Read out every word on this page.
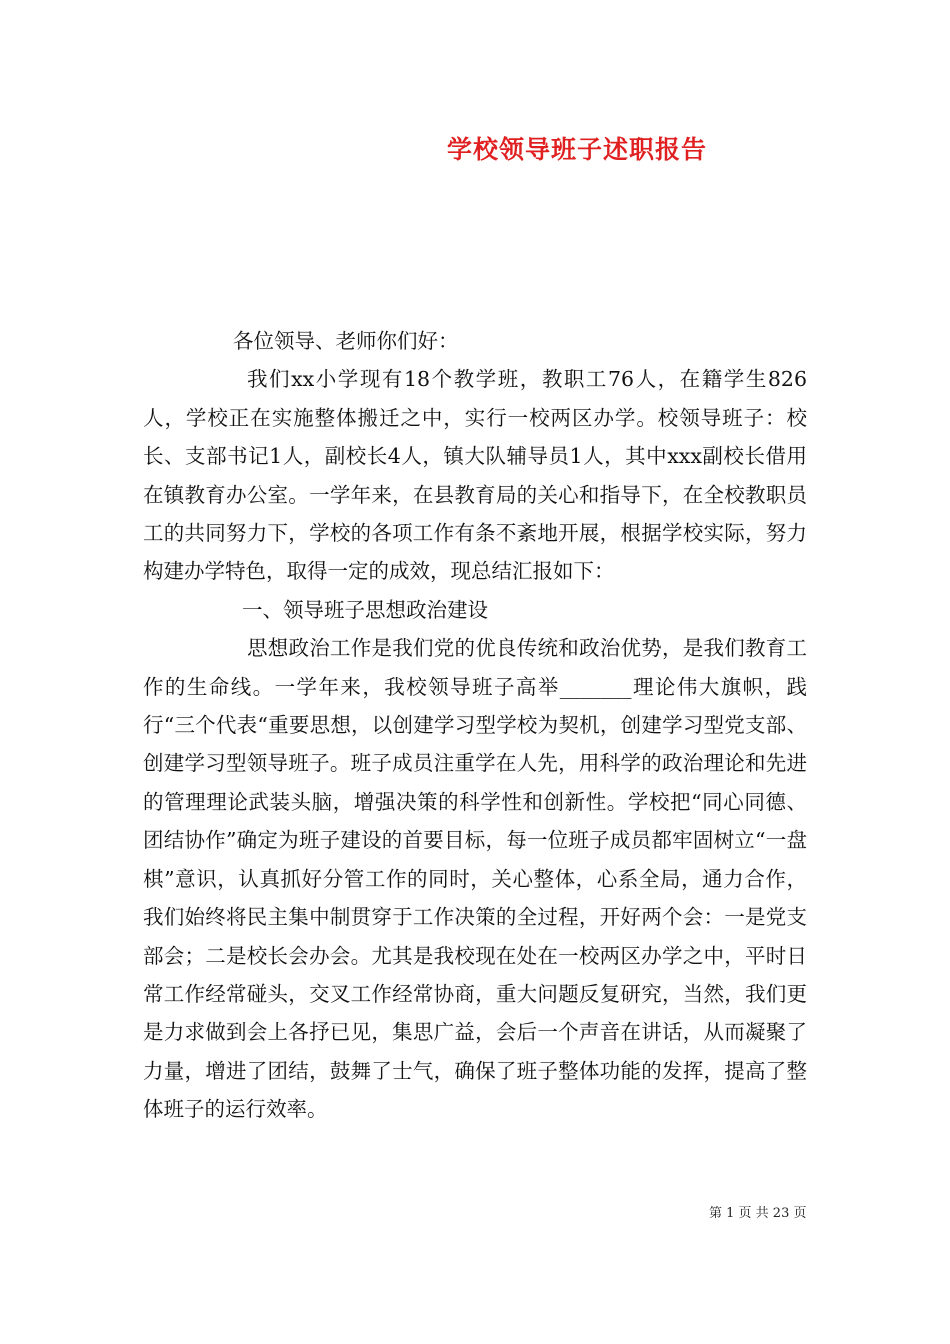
学校领导班子述职报告

各位领导、老师你们好：

我们xx小学现有18个教学班，教职工76人，在籍学生826人，学校正在实施整体搬迁之中，实行一校两区办学。校领导班子：校长、支部书记1人，副校长4人，镇大队辅导员1人，其中xxx副校长借用在镇教育办公室。一学年来，在县教育局的关心和指导下，在全校教职员工的共同努力下，学校的各项工作有条不紊地开展，根据学校实际，努力构建办学特色，取得一定的成效，现总结汇报如下：

一、领导班子思想政治建设

思想政治工作是我们党的优良传统和政治优势，是我们教育工作的生命线。一学年来，我校领导班子高举_______理论伟大旗帜，践行“三个代表“重要思想，以创建学习型学校为契机，创建学习型党支部、创建学习型领导班子。班子成员注重学在人先，用科学的政治理论和先进的管理理论武装头脑，增强决策的科学性和创新性。学校把“同心同德、团结协作”确定为班子建设的首要目标，每一位班子成员都牢固树立“一盘棋”意识，认真抓好分管工作的同时，关心整体，心系全局，通力合作，我们始终将民主集中制贯穿于工作决策的全过程，开好两个会：一是党支部会；二是校长会办会。尤其是我校现在处在一校两区办学之中，平时日常工作经常碰头，交叉工作经常协商，重大问题反复研究，当然，我们更是力求做到会上各抒已见，集思广益，会后一个声音在讲话，从而凝聚了力量，增进了团结，鼓舞了士气，确保了班子整体功能的发挥，提高了整体班子的运行效率。

第 1 页 共 23 页
